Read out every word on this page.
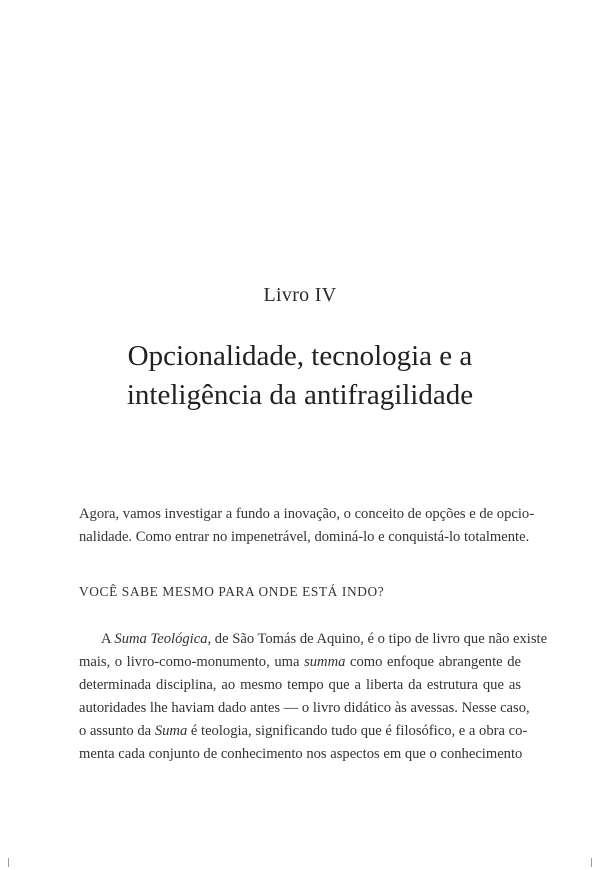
Livro IV
Opcionalidade, tecnologia e a
inteligência da antifragilidade
Agora, vamos investigar a fundo a inovação, o conceito de opções e de opcio-
nalidade. Como entrar no impenetrável, dominá-lo e conquistá-lo totalmente.
VOCÊ SABE MESMO PARA ONDE ESTÁ INDO?
A Suma Teológica, de São Tomás de Aquino, é o tipo de livro que não existe
mais, o livro-como-monumento, uma summa como enfoque abrangente de
determinada disciplina, ao mesmo tempo que a liberta da estrutura que as
autoridades lhe haviam dado antes — o livro didático às avessas. Nesse caso,
o assunto da Suma é teologia, significando tudo que é filosófico, e a obra co-
menta cada conjunto de conhecimento nos aspectos em que o conhecimento
